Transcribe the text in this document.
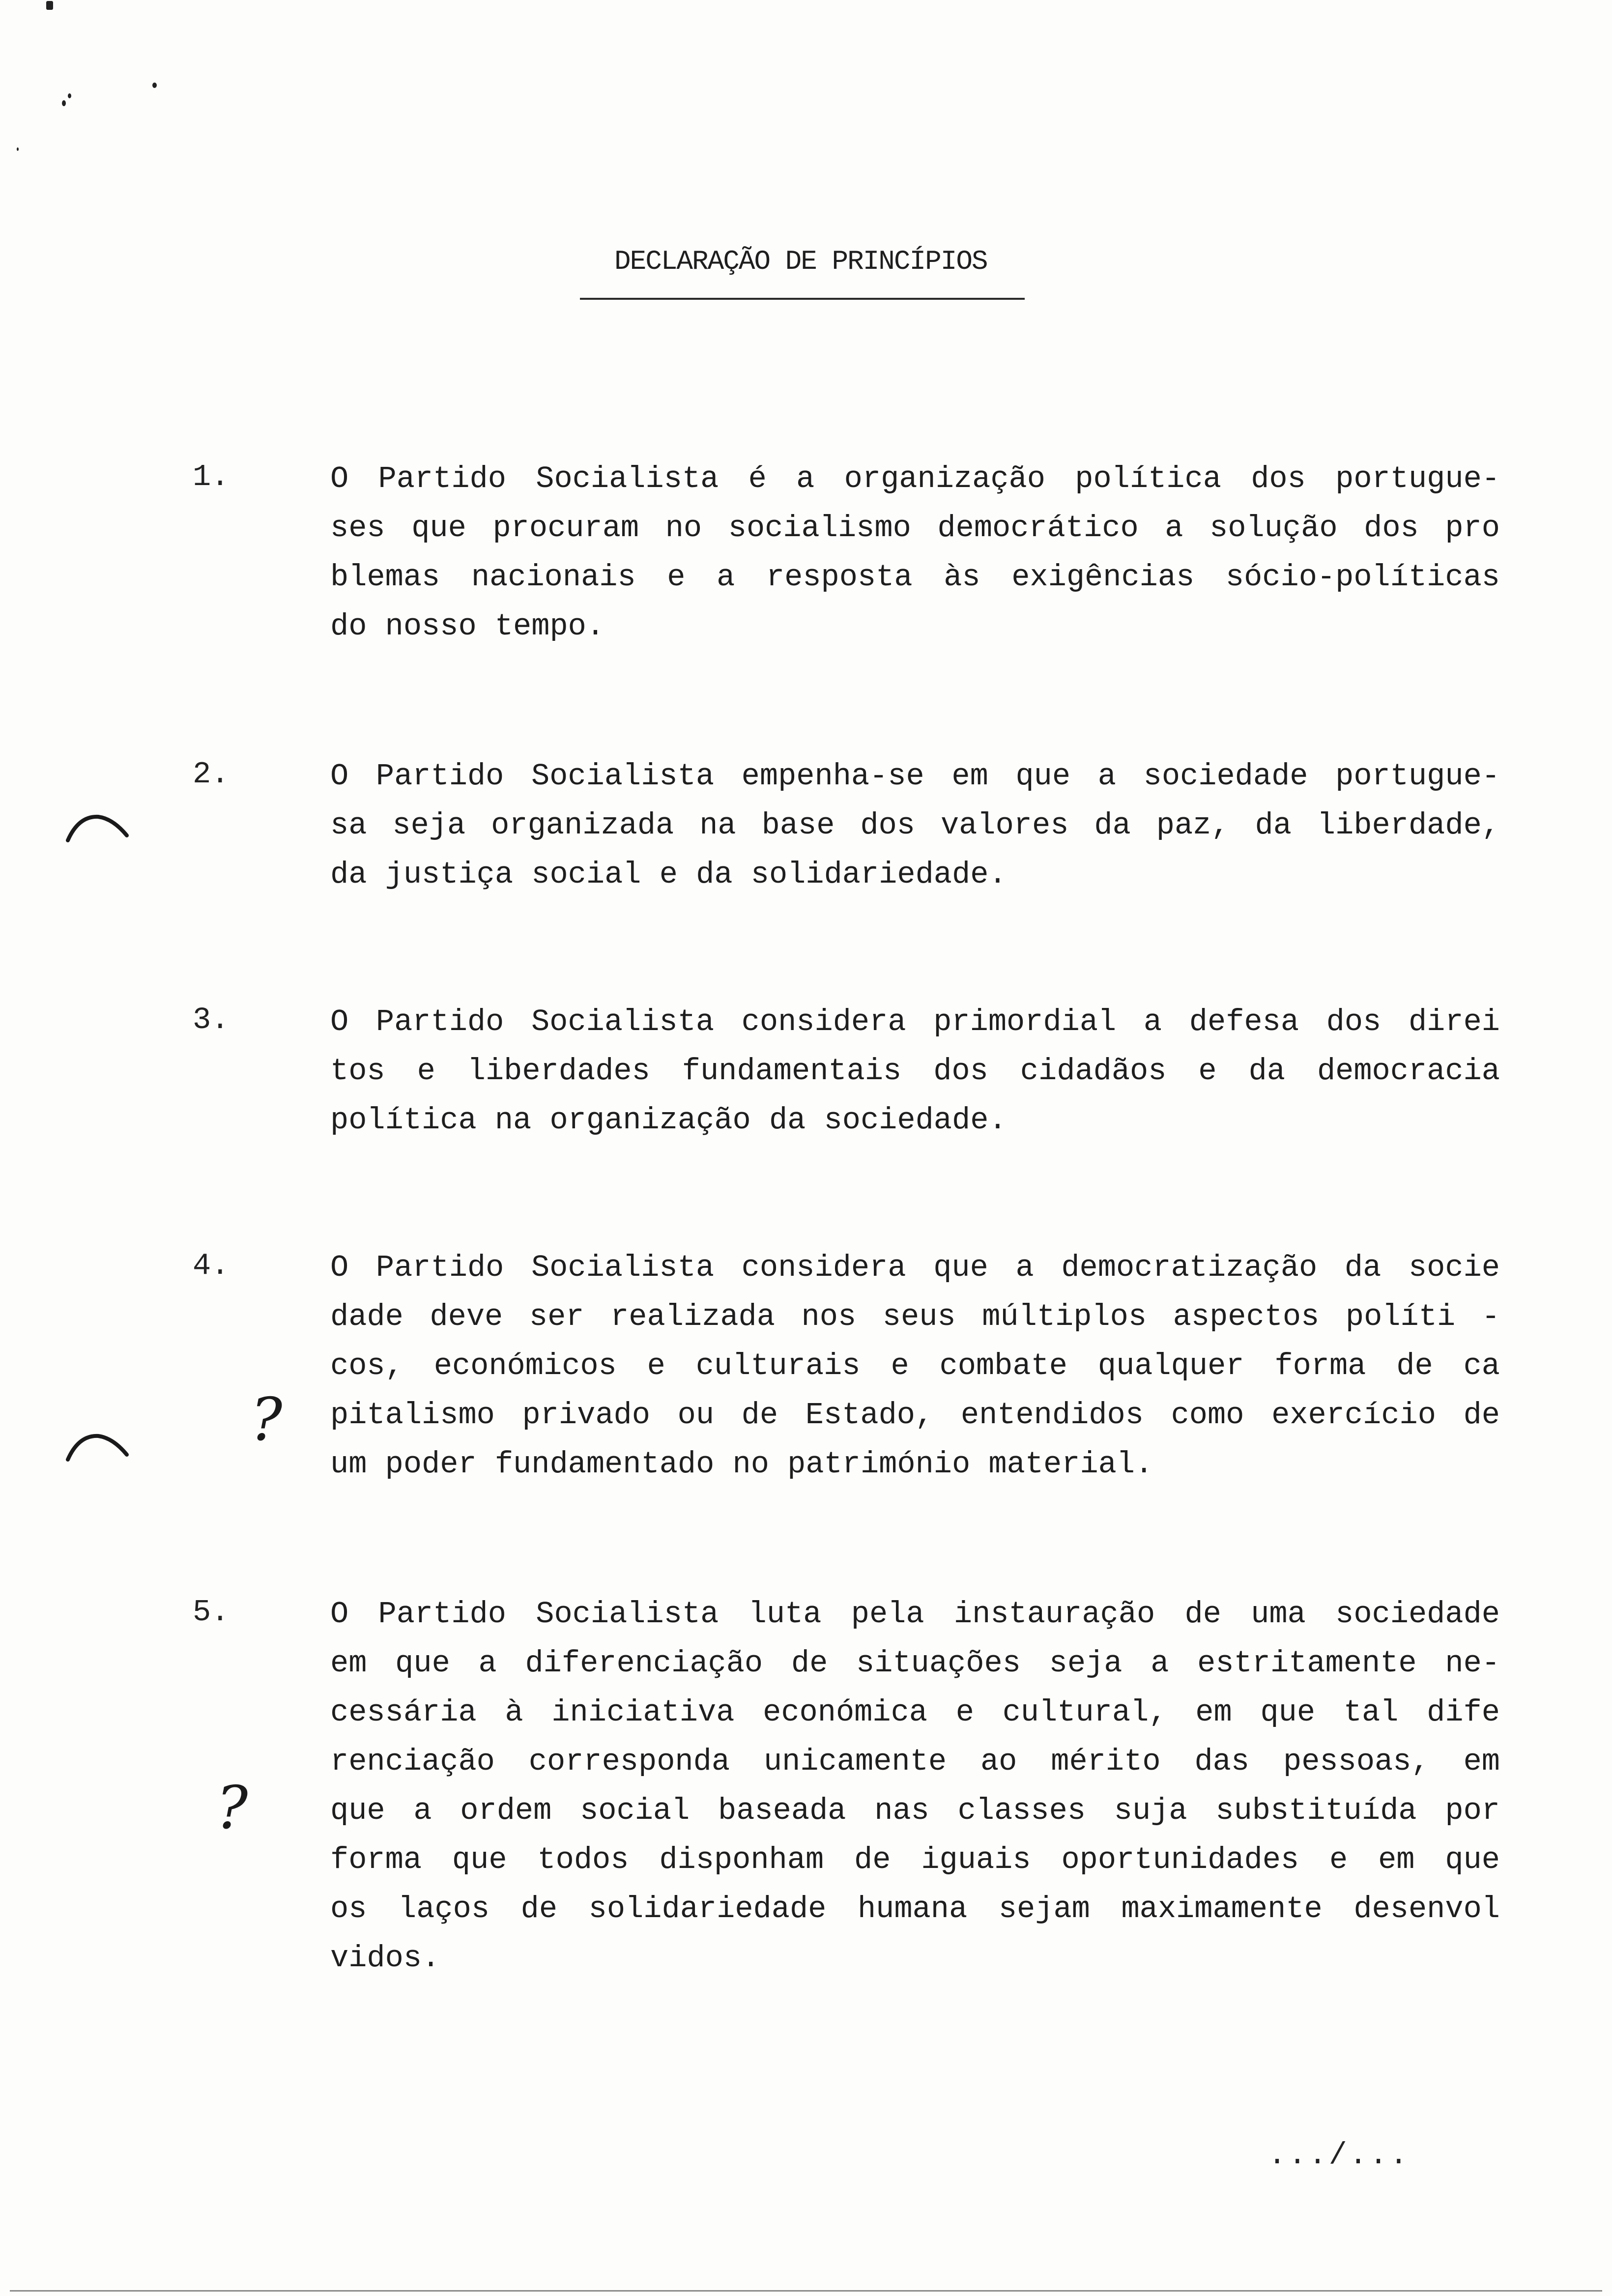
DECLARAÇÃO DE PRINCÍPIOS
1.	O Partido Socialista é a organização política dos portugue-
ses que procuram no socialismo democrático a solução dos pro
blemas nacionais e a resposta às exigências sócio-políticas
do nosso tempo.
2.	O Partido Socialista empenha-se em que a sociedade portugue-
sa seja organizada na base dos valores da paz, da liberdade,
da justiça social e da solidariedade.
3.	O Partido Socialista considera primordial a defesa dos direi
tos e liberdades fundamentais dos cidadãos e da democracia
política na organização da sociedade.
4.	O Partido Socialista considera que a democratização da socie
dade deve ser realizada nos seus múltiplos aspectos políti -
cos, económicos e culturais e combate qualquer forma de ca
pitalismo privado ou de Estado, entendidos como exercício de
um poder fundamentado no património material.
?
5.	O Partido Socialista luta pela instauração de uma sociedade
em que a diferenciação de situações seja a estritamente ne-
cessária à iniciativa económica e cultural, em que tal dife
renciação corresponda unicamente ao mérito das pessoas, em
que a ordem social baseada nas classes suja substituída por
forma que todos disponham de iguais oportunidades e em que
os laços de solidariedade humana sejam maximamente desenvol
vidos.
?
.../...
